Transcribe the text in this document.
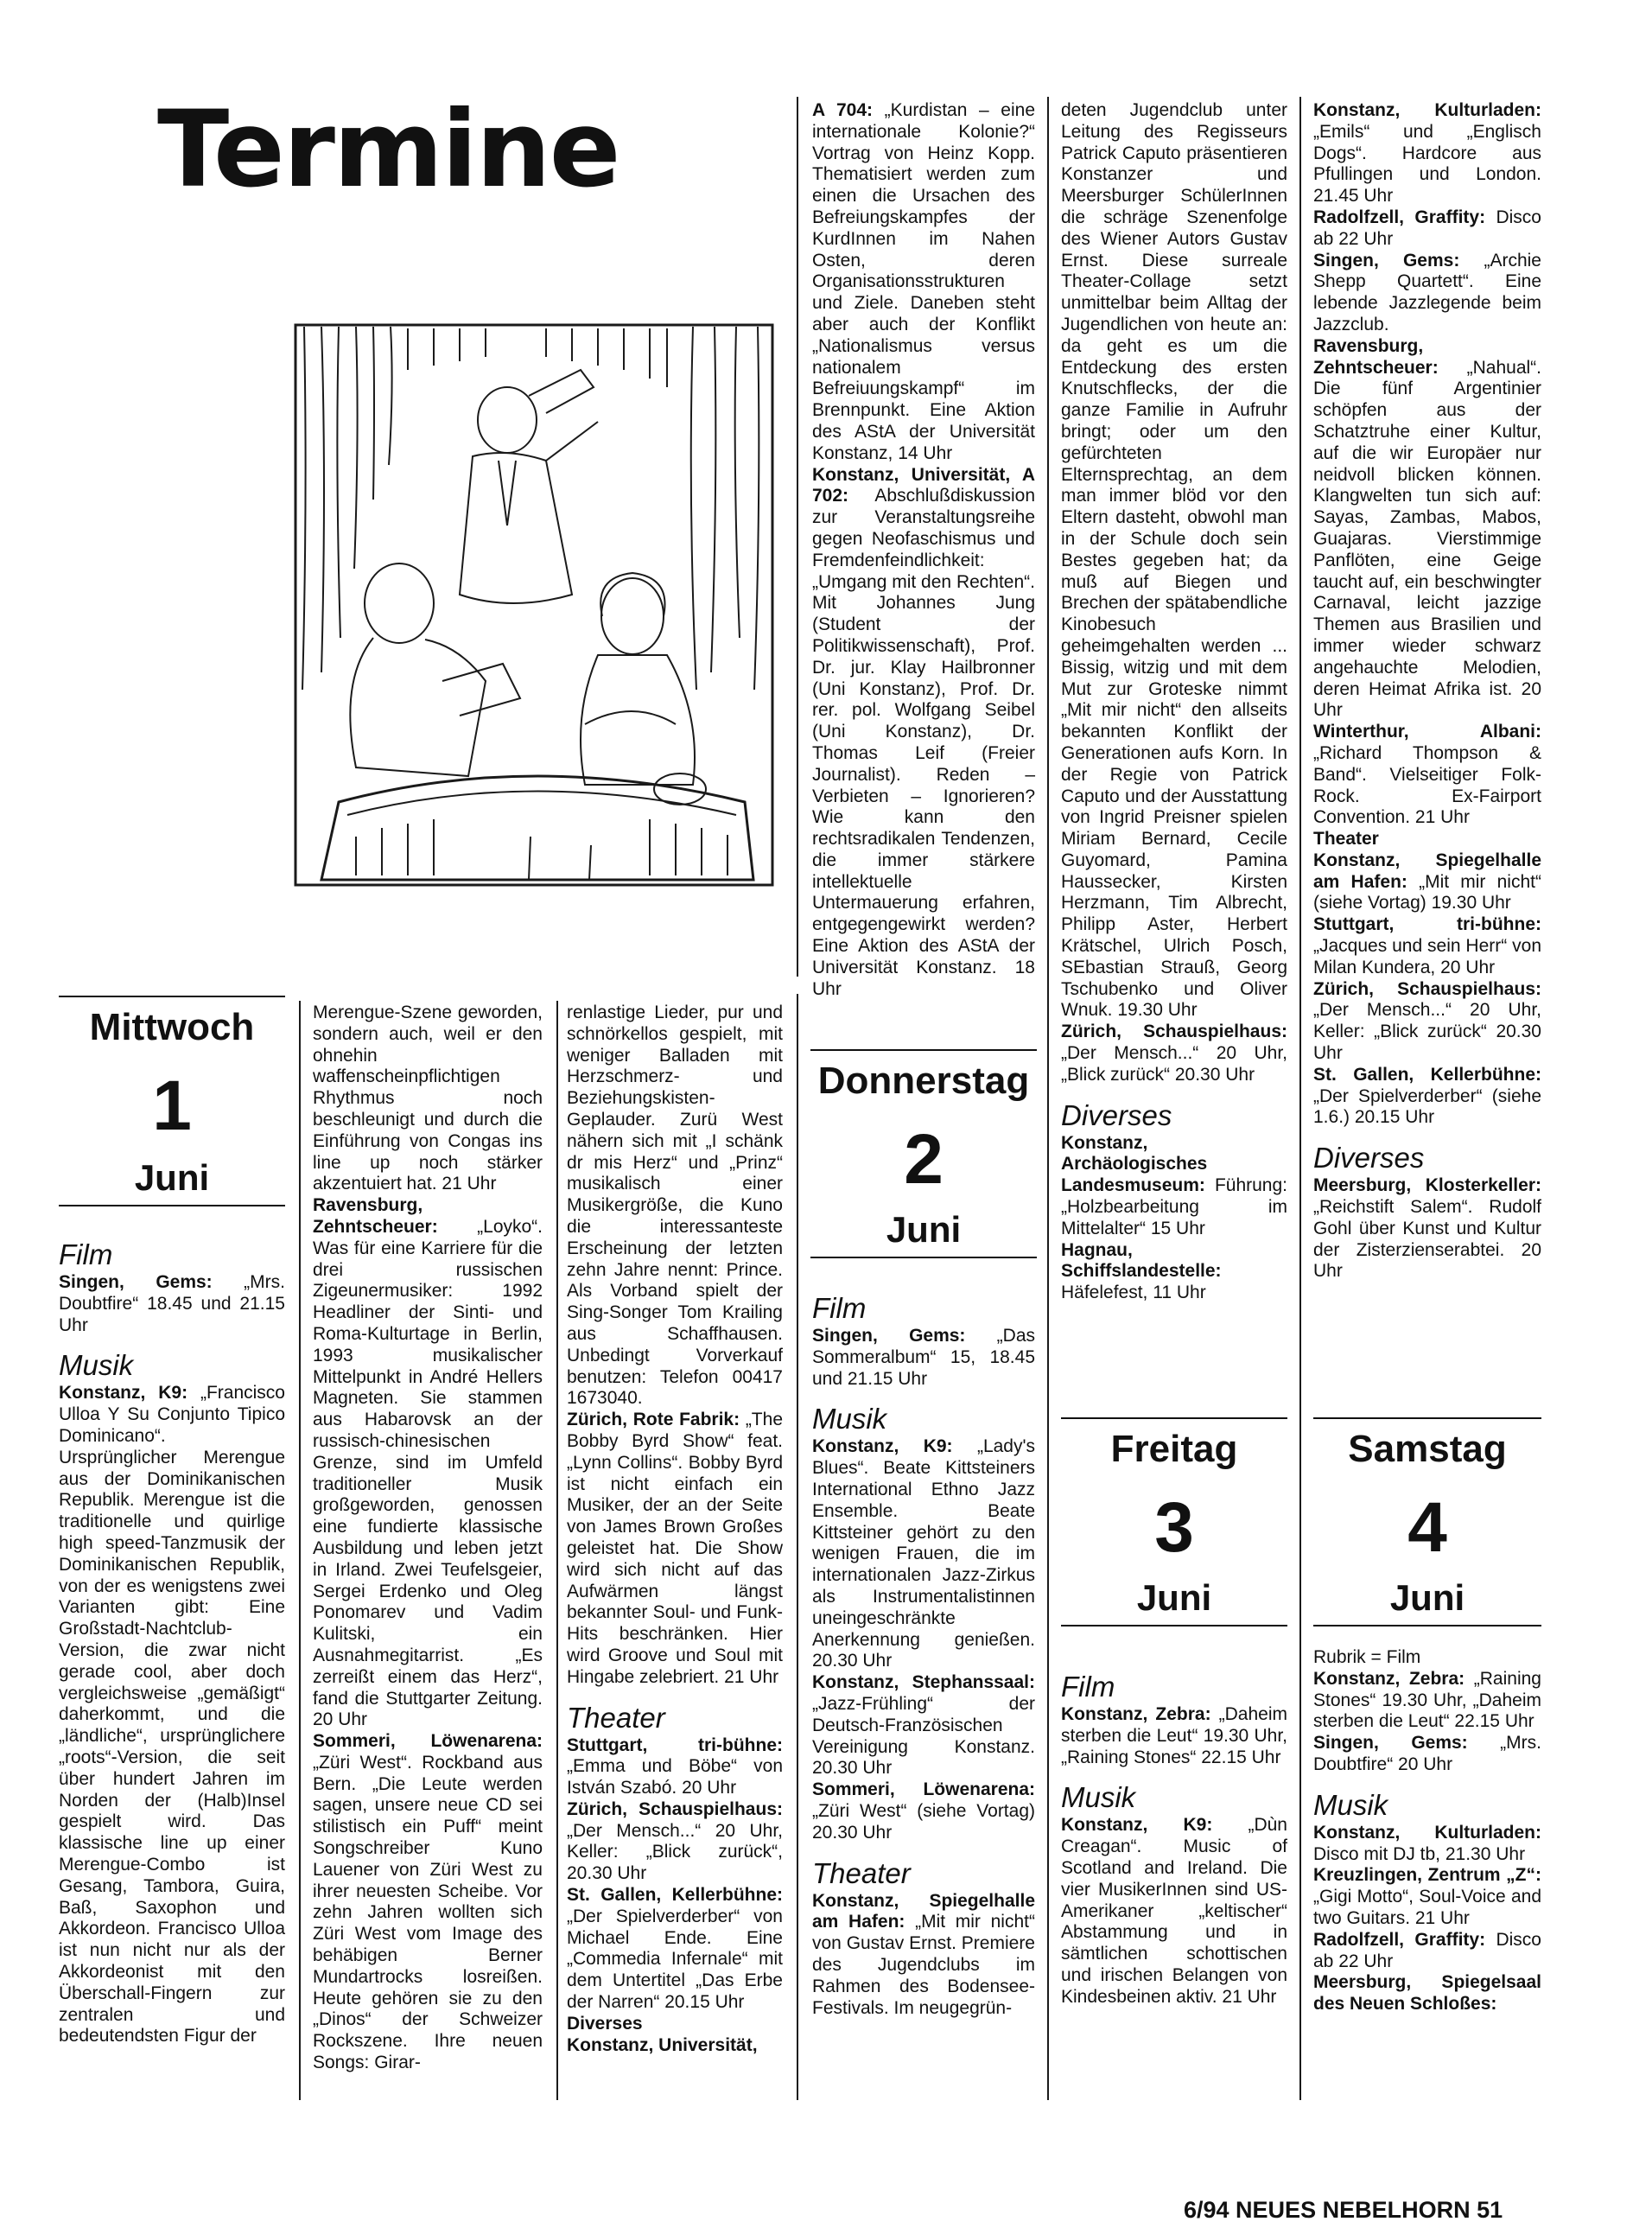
Termine
Mittwoch
1
Juni
Donnerstag
2
Juni
Freitag
3
Juni
Samstag
4
Juni
Film

Singen, Gems: „Mrs. Doubtfire“ 18.45 und 21.15 Uhr

Musik

Konstanz, K9: „Francisco Ulloa Y Su Conjunto Tipico Dominicano“. Ursprünglicher Merengue aus der Dominikanischen Republik. Merengue ist die traditionelle und quirlige high speed-Tanzmusik der Dominikanischen Republik, von der es wenigstens zwei Varianten gibt: Eine Großstadt-Nachtclub-Version, die zwar nicht gerade cool, aber doch vergleichsweise „gemäßigt“ daherkommt, und die „ländliche“, ursprünglichere „roots“-Version, die seit über hundert Jahren im Norden der (Halb)Insel gespielt wird. Das klassische line up einer Merengue-Combo ist Gesang, Tambora, Guira, Baß, Saxophon und Akkordeon. Francisco Ulloa ist nun nicht nur als der Akkordeonist mit den Überschall-Fingern zur zentralen und bedeutendsten Figur der

Merengue-Szene geworden, sondern auch, weil er den ohnehin waffenscheinpflichtigen Rhythmus noch beschleunigt und durch die Einführung von Congas ins line up noch stärker akzentuiert hat. 21 Uhr

Ravensburg, Zehntscheuer: „Loyko“. Was für eine Karriere für die drei russischen Zigeunermusiker: 1992 Headliner der Sinti- und Roma-Kulturtage in Berlin, 1993 musikalischer Mittelpunkt in André Hellers Magneten. Sie stammen aus Habarovsk an der russisch-chinesischen Grenze, sind im Umfeld traditioneller Musik großgeworden, genossen eine fundierte klassische Ausbildung und leben jetzt in Irland. Zwei Teufelsgeier, Sergei Erdenko und Oleg Ponomarev und Vadim Kulitski, ein Ausnahmegitarrist. „Es zerreißt einem das Herz“, fand die Stuttgarter Zeitung. 20 Uhr

Sommeri, Löwenarena: „Züri West“. Rockband aus Bern. „Die Leute werden sagen, unsere neue CD sei stilistisch ein Puff“ meint Songschreiber Kuno Lauener von Züri West zu ihrer neuesten Scheibe. Vor zehn Jahren wollten sich Züri West vom Image des behäbigen Berner Mundartrocks losreißen. Heute gehören sie zu den „Dinos“ der Schweizer Rockszene. Ihre neuen Songs: Girar-

renlastige Lieder, pur und schnörkellos gespielt, mit weniger Balladen mit Herzschmerz- und Beziehungskisten-Geplauder. Zurü West nähern sich mit „I schänk dr mis Herz“ und „Prinz“ musikalisch einer Musikergröße, die Kuno die interessanteste Erscheinung der letzten zehn Jahre nennt: Prince. Als Vorband spielt der Sing-Songer Tom Krailing aus Schaffhausen. Unbedingt Vorverkauf benutzen: Telefon 00417 1673040.

Zürich, Rote Fabrik: „The Bobby Byrd Show“ feat. „Lynn Collins“. Bobby Byrd ist nicht einfach ein Musiker, der an der Seite von James Brown Großes geleistet hat. Die Show wird sich nicht auf das Aufwärmen längst bekannter Soul- und Funk-Hits beschränken. Hier wird Groove und Soul mit Hingabe zelebriert. 21 Uhr

Theater

Stuttgart, tri-bühne: „Emma und Böbe“ von István Szabó. 20 Uhr

Zürich, Schauspielhaus: „Der Mensch...“ 20 Uhr, Keller: „Blick zurück“, 20.30 Uhr

St. Gallen, Kellerbühne: „Der Spielverderber“ von Michael Ende. Eine „Commedia Infernale“ mit dem Untertitel „Das Erbe der Narren“ 20.15 Uhr

Diverses

Konstanz, Universität,

A 704: „Kurdistan – eine internationale Kolonie?“ Vortrag von Heinz Kopp. Thematisiert werden zum einen die Ursachen des Befreiungskampfes der KurdInnen im Nahen Osten, deren Organisationsstrukturen und Ziele. Daneben steht aber auch der Konflikt „Nationalismus versus nationalem Befreiuungskampf“ im Brennpunkt. Eine Aktion des AStA der Universität Konstanz, 14 Uhr

Konstanz, Universität, A 702: Abschlußdiskussion zur Veranstaltungsreihe gegen Neofaschismus und Fremdenfeindlichkeit: „Umgang mit den Rechten“. Mit Johannes Jung (Student der Politikwissenschaft), Prof. Dr. jur. Klay Hailbronner (Uni Konstanz), Prof. Dr. rer. pol. Wolfgang Seibel (Uni Konstanz), Dr. Thomas Leif (Freier Journalist). Reden – Verbieten – Ignorieren? Wie kann den rechtsradikalen Tendenzen, die immer stärkere intellektuelle Untermauerung erfahren, entgegengewirkt werden? Eine Aktion des AStA der Universität Konstanz. 18 Uhr

Film

Singen, Gems: „Das Sommeralbum“ 15, 18.45 und 21.15 Uhr

Musik

Konstanz, K9: „Lady's Blues“. Beate Kittsteiners International Ethno Jazz Ensemble. Beate Kittsteiner gehört zu den wenigen Frauen, die im internationalen Jazz-Zirkus als Instrumentalistinnen uneingeschränkte Anerkennung genießen. 20.30 Uhr

Konstanz, Stephanssaal: „Jazz-Frühling“ der Deutsch-Französischen Vereinigung Konstanz. 20.30 Uhr

Sommeri, Löwenarena: „Züri West“ (siehe Vortag) 20.30 Uhr

Theater

Konstanz, Spiegelhalle am Hafen: „Mit mir nicht“ von Gustav Ernst. Premiere des Jugendclubs im Rahmen des Bodensee-Festivals. Im neugegrün-

deten Jugendclub unter Leitung des Regisseurs Patrick Caputo präsentieren Konstanzer und Meersburger SchülerInnen die schräge Szenenfolge des Wiener Autors Gustav Ernst. Diese surreale Theater-Collage setzt unmittelbar beim Alltag der Jugendlichen von heute an: da geht es um die Entdeckung des ersten Knutschflecks, der die ganze Familie in Aufruhr bringt; oder um den gefürchteten Elternsprechtag, an dem man immer blöd vor den Eltern dasteht, obwohl man in der Schule doch sein Bestes gegeben hat; da muß auf Biegen und Brechen der spätabendliche Kinobesuch geheimgehalten werden ... Bissig, witzig und mit dem Mut zur Groteske nimmt „Mit mir nicht“ den allseits bekannten Konflikt der Generationen aufs Korn. In der Regie von Patrick Caputo und der Ausstattung von Ingrid Preisner spielen Miriam Bernard, Cecile Guyomard, Pamina Haussecker, Kirsten Herzmann, Tim Albrecht, Philipp Aster, Herbert Krätschel, Ulrich Posch, SEbastian Strauß, Georg Tschubenko und Oliver Wnuk. 19.30 Uhr

Zürich, Schauspielhaus: „Der Mensch...“ 20 Uhr, „Blick zurück“ 20.30 Uhr

Diverses

Konstanz, Archäologisches Landesmuseum: Führung: „Holzbearbeitung im Mittelalter“ 15 Uhr

Hagnau, Schiffslandestelle: Häfelefest, 11 Uhr

Film

Konstanz, Zebra: „Daheim sterben die Leut“ 19.30 Uhr, „Raining Stones“ 22.15 Uhr

Musik

Konstanz, K9: „Dùn Creagan“. Music of Scotland and Ireland. Die vier MusikerInnen sind US-Amerikaner „keltischer“ Abstammung und in sämtlichen schottischen und irischen Belangen von Kindesbeinen aktiv. 21 Uhr

Konstanz, Kulturladen: „Emils“ und „Englisch Dogs“. Hardcore aus Pfullingen und London. 21.45 Uhr

Radolfzell, Graffity: Disco ab 22 Uhr

Singen, Gems: „Archie Shepp Quartett“. Eine lebende Jazzlegende beim Jazzclub.

Ravensburg, Zehntscheuer: „Nahual“. Die fünf Argentinier schöpfen aus der Schatztruhe einer Kultur, auf die wir Europäer nur neidvoll blicken können. Klangwelten tun sich auf: Sayas, Zambas, Mabos, Guajaras. Vierstimmige Panflöten, eine Geige taucht auf, ein beschwingter Carnaval, leicht jazzige Themen aus Brasilien und immer wieder schwarz angehauchte Melodien, deren Heimat Afrika ist. 20 Uhr

Winterthur, Albani: „Richard Thompson & Band“. Vielseitiger Folk-Rock. Ex-Fairport Convention. 21 Uhr

Theater

Konstanz, Spiegelhalle am Hafen: „Mit mir nicht“ (siehe Vortag) 19.30 Uhr

Stuttgart, tri-bühne: „Jacques und sein Herr“ von Milan Kundera, 20 Uhr

Zürich, Schauspielhaus: „Der Mensch...“ 20 Uhr, Keller: „Blick zurück“ 20.30 Uhr

St. Gallen, Kellerbühne: „Der Spielverderber“ (siehe 1.6.) 20.15 Uhr

Diverses

Meersburg, Klosterkeller: „Reichstift Salem“. Rudolf Gohl über Kunst und Kultur der Zisterzienserabtei. 20 Uhr

Rubrik = Film

Konstanz, Zebra: „Raining Stones“ 19.30 Uhr, „Daheim sterben die Leut“ 22.15 Uhr

Singen, Gems: „Mrs. Doubtfire“ 20 Uhr

Musik

Konstanz, Kulturladen: Disco mit DJ tb, 21.30 Uhr

Kreuzlingen, Zentrum „Z“: „Gigi Motto“, Soul-Voice and two Guitars. 21 Uhr

Radolfzell, Graffity: Disco ab 22 Uhr

Meersburg, Spiegelsaal des Neuen Schloßes:

6/94 NEUES NEBELHORN 51
